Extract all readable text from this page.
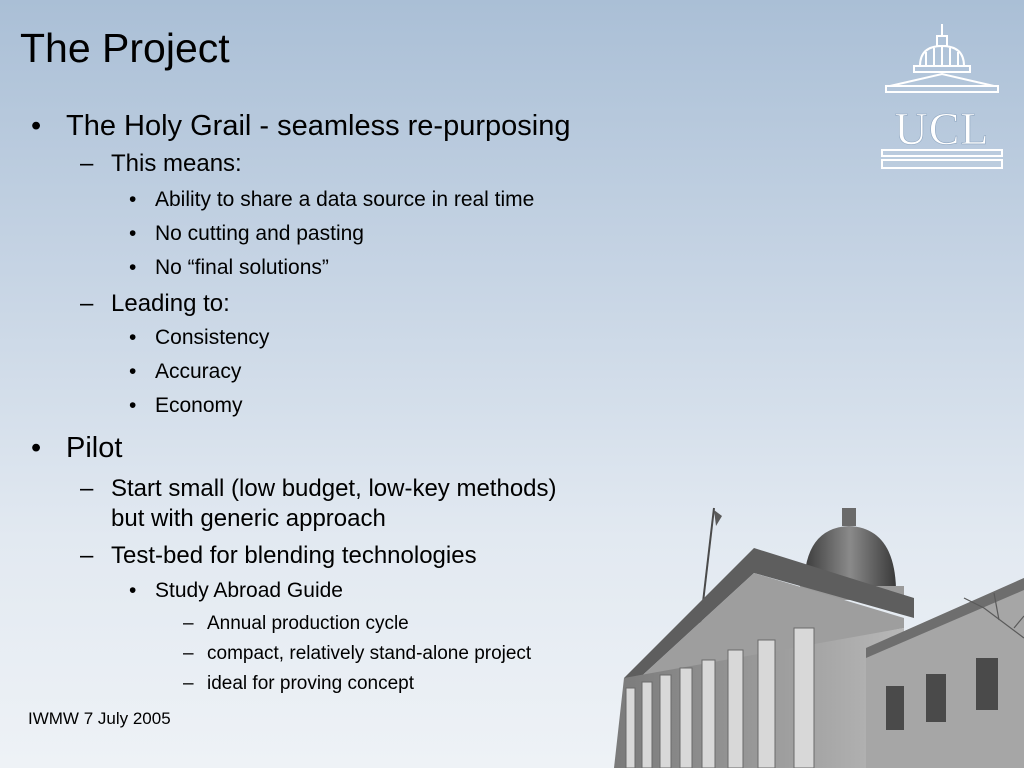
The Project
UCL
• The Holy Grail - seamless re-purposing
– This means:
• Ability to share a data source in real time
• No cutting and pasting
• No “final solutions”
– Leading to:
• Consistency
• Accuracy
• Economy
• Pilot
– Start small (low budget, low-key methods)
but with generic approach
– Test-bed for blending technologies
• Study Abroad Guide
– Annual production cycle
– compact, relatively stand-alone project
– ideal for proving concept
IWMW 7 July 2005
